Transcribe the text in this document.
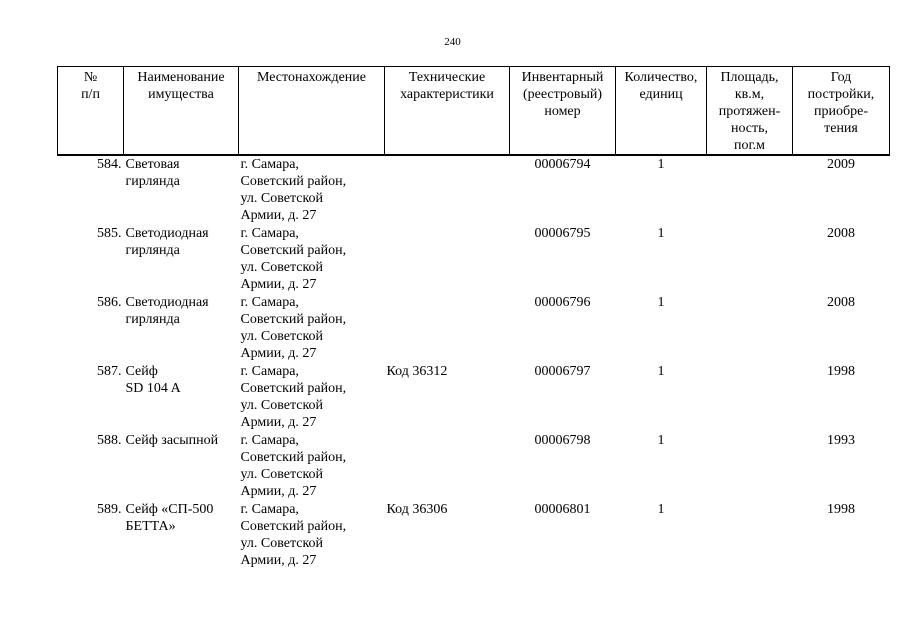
240
№
п/п	Наименование
имущества	Местонахождение	Технические
характеристики	Инвентарный
(реестровый)
номер	Количество,
единиц	Площадь,
кв.м,
протяжен-
ность,
пог.м	Год
постройки,
приобре-
тения

584.	Световая
гирлянда	г. Самара,
Советский район,
ул. Советской
Армии, д. 27		00006794	1		2009
585.	Светодиодная
гирлянда	г. Самара,
Советский район,
ул. Советской
Армии, д. 27		00006795	1		2008
586.	Светодиодная
гирлянда	г. Самара,
Советский район,
ул. Советской
Армии, д. 27		00006796	1		2008
587.	Сейф
SD 104 A	г. Самара,
Советский район,
ул. Советской
Армии, д. 27	Код 36312	00006797	1		1998
588.	Сейф засыпной	г. Самара,
Советский район,
ул. Советской
Армии, д. 27		00006798	1		1993
589.	Сейф «СП-500
БЕТТА»	г. Самара,
Советский район,
ул. Советской
Армии, д. 27	Код 36306	00006801	1		1998
